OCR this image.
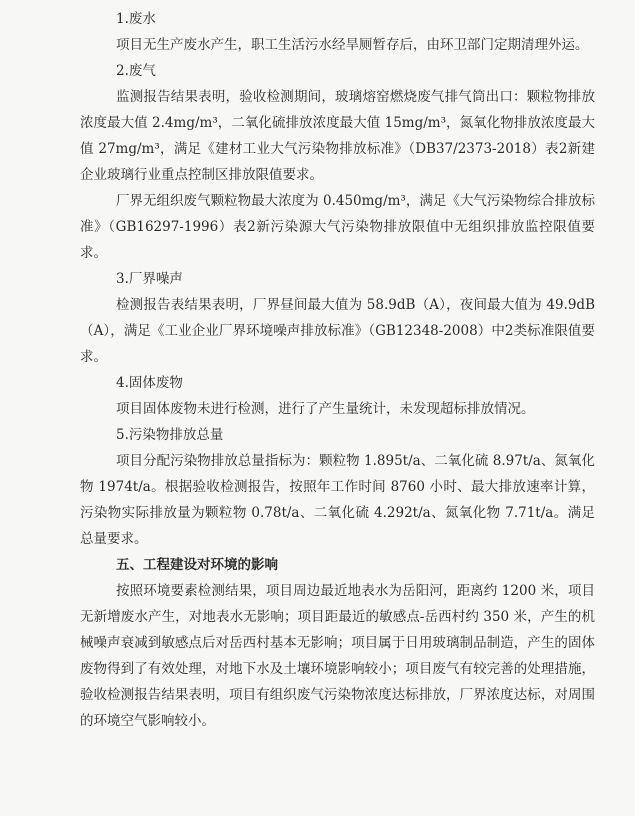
1.废水

项目无生产废水产生，职工生活污水经旱厕暂存后，由环卫部门定期清理外运。

2.废气

监测报告结果表明，验收检测期间，玻璃熔窑燃烧废气排气筒出口：颗粒物排放浓度最大值 2.4mg/m³，二氧化硫排放浓度最大值 15mg/m³，氮氧化物排放浓度最大值 27mg/m³，满足《建材工业大气污染物排放标准》（DB37/2373-2018）表2新建企业玻璃行业重点控制区排放限值要求。

厂界无组织废气颗粒物最大浓度为 0.450mg/m³，满足《大气污染物综合排放标准》（GB16297-1996）表2新污染源大气污染物排放限值中无组织排放监控限值要求。

3.厂界噪声

检测报告表结果表明，厂界昼间最大值为 58.9dB（A），夜间最大值为 49.9dB（A），满足《工业企业厂界环境噪声排放标准》（GB12348-2008）中2类标准限值要求。

4.固体废物

项目固体废物未进行检测，进行了产生量统计，未发现超标排放情况。

5.污染物排放总量

项目分配污染物排放总量指标为：颗粒物 1.895t/a、二氧化硫 8.97t/a、氮氧化物 1974t/a。根据验收检测报告，按照年工作时间 8760 小时、最大排放速率计算，污染物实际排放量为颗粒物 0.78t/a、二氧化硫 4.292t/a、氮氧化物 7.71t/a。满足总量要求。

五、工程建设对环境的影响

按照环境要素检测结果，项目周边最近地表水为岳阳河，距离约 1200 米，项目无新增废水产生，对地表水无影响；项目距最近的敏感点-岳西村约 350 米，产生的机械噪声衰减到敏感点后对岳西村基本无影响；项目属于日用玻璃制品制造，产生的固体废物得到了有效处理，对地下水及土壤环境影响较小；项目废气有较完善的处理措施，验收检测报告结果表明，项目有组织废气污染物浓度达标排放，厂界浓度达标，对周围的环境空气影响较小。
